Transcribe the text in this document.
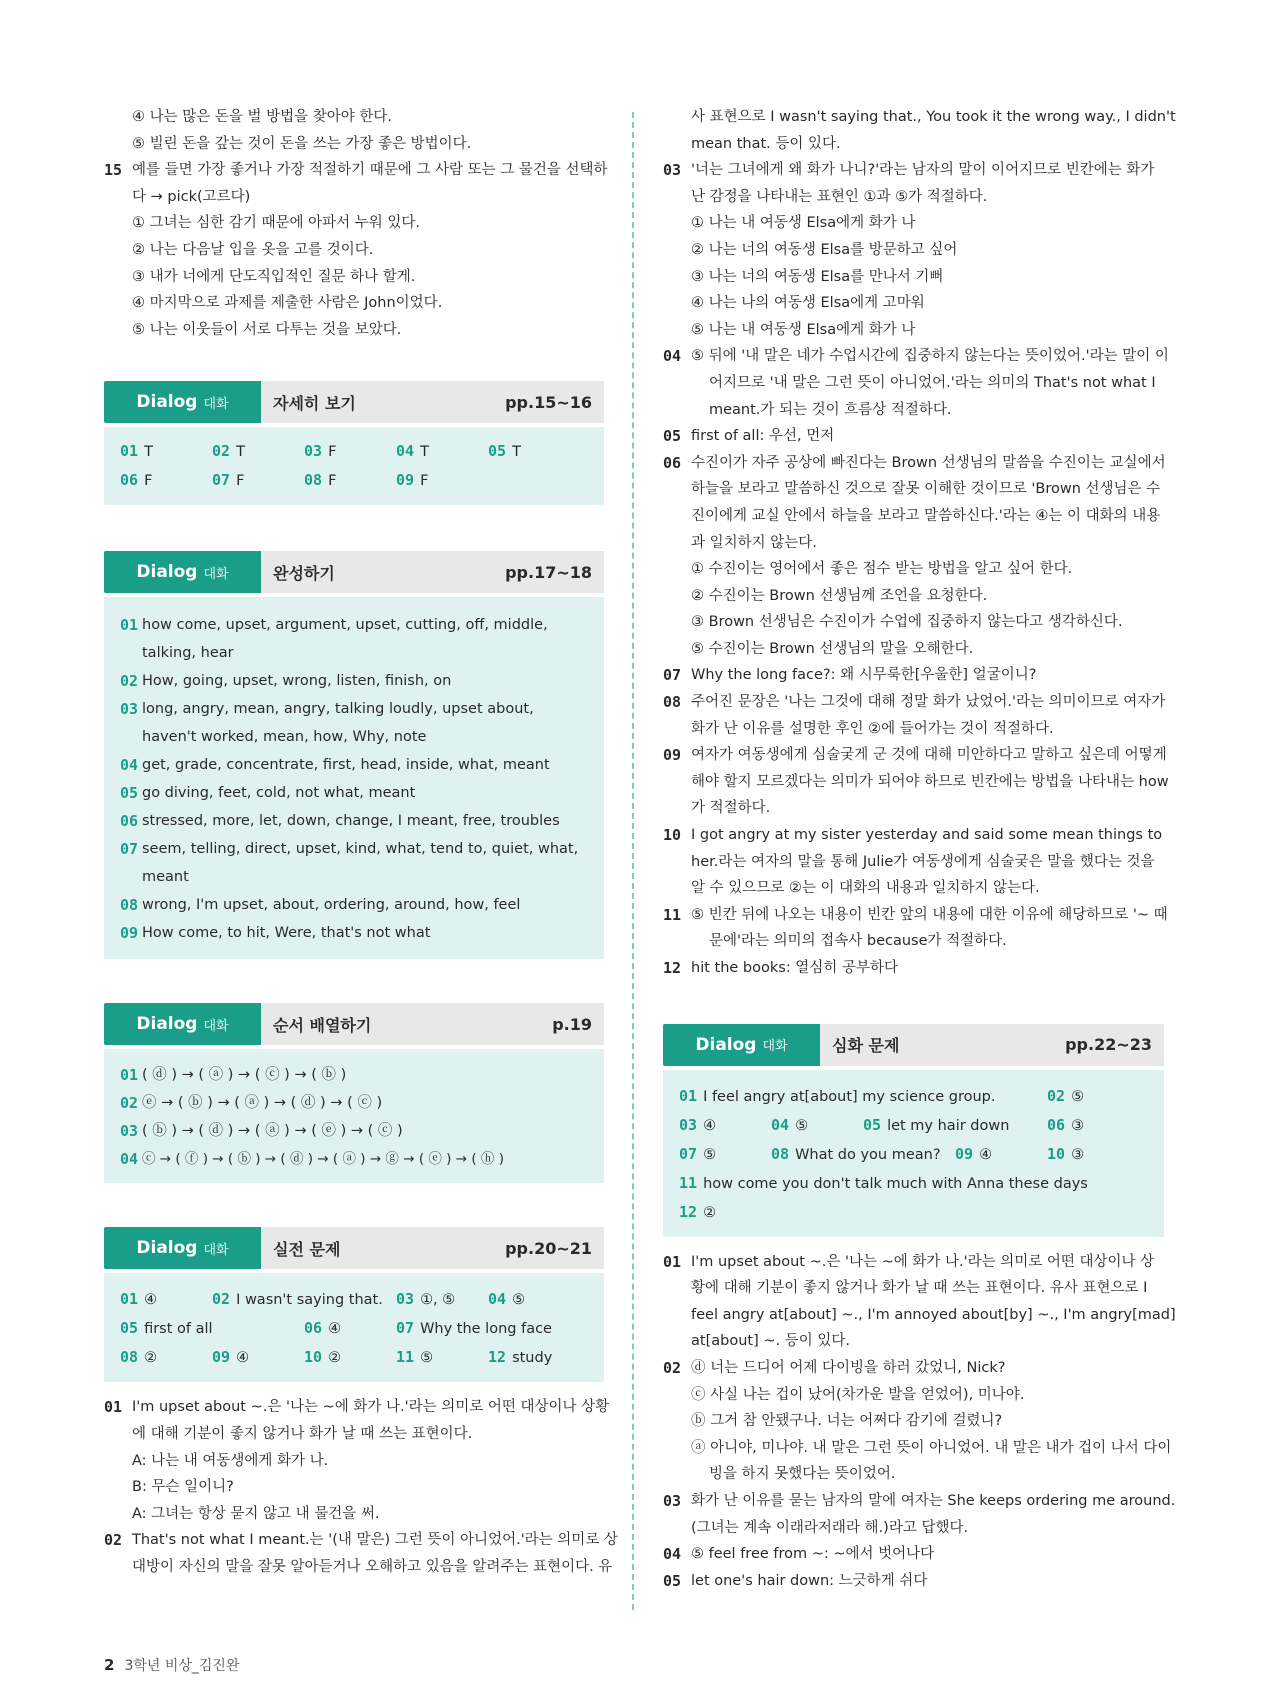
④ 나는 많은 돈을 벌 방법을 찾아야 한다.
⑤ 빌린 돈을 갚는 것이 돈을 쓰는 가장 좋은 방법이다.
15 예를 들면 가장 좋거나 가장 적절하기 때문에 그 사람 또는 그 물건을 선택하
다 → pick(고르다)
① 그녀는 심한 감기 때문에 아파서 누워 있다.
② 나는 다음날 입을 옷을 고를 것이다.
③ 내가 너에게 단도직입적인 질문 하나 할게.
④ 마지막으로 과제를 제출한 사람은 John이었다.
⑤ 나는 이웃들이 서로 다투는 것을 보았다.
Dialog 대화	자세히 보기	pp.15~16
01 T	02 T	03 F	04 T	05 T
06 F	07 F	08 F	09 F
Dialog 대화	완성하기	pp.17~18
01 how come, upset, argument, upset, cutting, off, middle, talking, hear
02 How, going, upset, wrong, listen, finish, on
03 long, angry, mean, angry, talking loudly, upset about, haven't worked, mean, how, Why, note
04 get, grade, concentrate, first, head, inside, what, meant
05 go diving, feet, cold, not what, meant
06 stressed, more, let, down, change, I meant, free, troubles
07 seem, telling, direct, upset, kind, what, tend to, quiet, what, meant
08 wrong, I'm upset, about, ordering, around, how, feel
09 How come, to hit, Were, that's not what
Dialog 대화	순서 배열하기	p.19
01 ( ⓓ ) → ( ⓐ ) → ( ⓒ ) → ( ⓑ )
02 ⓔ → ( ⓑ ) → ( ⓐ ) → ( ⓓ ) → ( ⓒ )
03 ( ⓑ ) → ( ⓓ ) → ( ⓐ ) → ( ⓔ ) → ( ⓒ )
04 ⓒ → ( ⓕ ) → ( ⓑ ) → ( ⓓ ) → ( ⓐ ) → ⓖ → ( ⓔ ) → ( ⓗ )
Dialog 대화	실전 문제	pp.20~21
01 ④	02 I wasn't saying that. 03 ①, ⑤	04 ⑤
05 first of all	06 ④	07 Why the long face
08 ②	09 ④	10 ②	11 ⑤	12 study
01 I'm upset about ~.은 '나는 ~에 화가 나.'라는 의미로 어떤 대상이나 상황
에 대해 기분이 좋지 않거나 화가 날 때 쓰는 표현이다.
A: 나는 내 여동생에게 화가 나.
B: 무슨 일이니?
A: 그녀는 항상 묻지 않고 내 물건을 써.
02 That's not what I meant.는 '(내 말은) 그런 뜻이 아니었어.'라는 의미로 상
대방이 자신의 말을 잘못 알아듣거나 오해하고 있음을 알려주는 표현이다. 유
사 표현으로 I wasn't saying that., You took it the wrong way., I didn't
mean that. 등이 있다.
03 '너는 그녀에게 왜 화가 나니?'라는 남자의 말이 이어지므로 빈칸에는 화가
난 감정을 나타내는 표현인 ①과 ⑤가 적절하다.
① 나는 내 여동생 Elsa에게 화가 나
② 나는 너의 여동생 Elsa를 방문하고 싶어
③ 나는 너의 여동생 Elsa를 만나서 기뻐
④ 나는 나의 여동생 Elsa에게 고마워
⑤ 나는 내 여동생 Elsa에게 화가 나
04 ⑤ 뒤에 '내 말은 네가 수업시간에 집중하지 않는다는 뜻이었어.'라는 말이 이
어지므로 '내 말은 그런 뜻이 아니었어.'라는 의미의 That's not what I
meant.가 되는 것이 흐름상 적절하다.
05 first of all: 우선, 먼저
06 수진이가 자주 공상에 빠진다는 Brown 선생님의 말씀을 수진이는 교실에서
하늘을 보라고 말씀하신 것으로 잘못 이해한 것이므로 'Brown 선생님은 수
진이에게 교실 안에서 하늘을 보라고 말씀하신다.'라는 ④는 이 대화의 내용
과 일치하지 않는다.
① 수진이는 영어에서 좋은 점수 받는 방법을 알고 싶어 한다.
② 수진이는 Brown 선생님께 조언을 요청한다.
③ Brown 선생님은 수진이가 수업에 집중하지 않는다고 생각하신다.
⑤ 수진이는 Brown 선생님의 말을 오해한다.
07 Why the long face?: 왜 시무룩한[우울한] 얼굴이니?
08 주어진 문장은 '나는 그것에 대해 정말 화가 났었어.'라는 의미이므로 여자가
화가 난 이유를 설명한 후인 ②에 들어가는 것이 적절하다.
09 여자가 여동생에게 심술궂게 군 것에 대해 미안하다고 말하고 싶은데 어떻게
해야 할지 모르겠다는 의미가 되어야 하므로 빈칸에는 방법을 나타내는 how
가 적절하다.
10 I got angry at my sister yesterday and said some mean things to
her.라는 여자의 말을 통해 Julie가 여동생에게 심술궂은 말을 했다는 것을
알 수 있으므로 ②는 이 대화의 내용과 일치하지 않는다.
11 ⑤ 빈칸 뒤에 나오는 내용이 빈칸 앞의 내용에 대한 이유에 해당하므로 '~ 때
문에'라는 의미의 접속사 because가 적절하다.
12 hit the books: 열심히 공부하다
Dialog 대화	심화 문제	pp.22~23
01 I feel angry at[about] my science group.	02 ⑤
03 ④	04 ⑤	05 let my hair down	06 ③
07 ⑤	08 What do you mean? 09 ④	10 ③
11 how come you don't talk much with Anna these days
12 ②
01 I'm upset about ~.은 '나는 ~에 화가 나.'라는 의미로 어떤 대상이나 상
황에 대해 기분이 좋지 않거나 화가 날 때 쓰는 표현이다. 유사 표현으로 I
feel angry at[about] ~., I'm annoyed about[by] ~., I'm angry[mad]
at[about] ~. 등이 있다.
02 ⓓ 너는 드디어 어제 다이빙을 하러 갔었니, Nick?
ⓒ 사실 나는 겁이 났어(차가운 발을 얻었어), 미나야.
ⓑ 그거 참 안됐구나. 너는 어쩌다 감기에 걸렸니?
ⓐ 아니야, 미나야. 내 말은 그런 뜻이 아니었어. 내 말은 내가 겁이 나서 다이
빙을 하지 못했다는 뜻이었어.
03 화가 난 이유를 묻는 남자의 말에 여자는 She keeps ordering me around.
(그녀는 계속 이래라저래라 해.)라고 답했다.
04 ⑤ feel free from ~: ~에서 벗어나다
05 let one's hair down: 느긋하게 쉬다
2 3학년 비상_김진완
